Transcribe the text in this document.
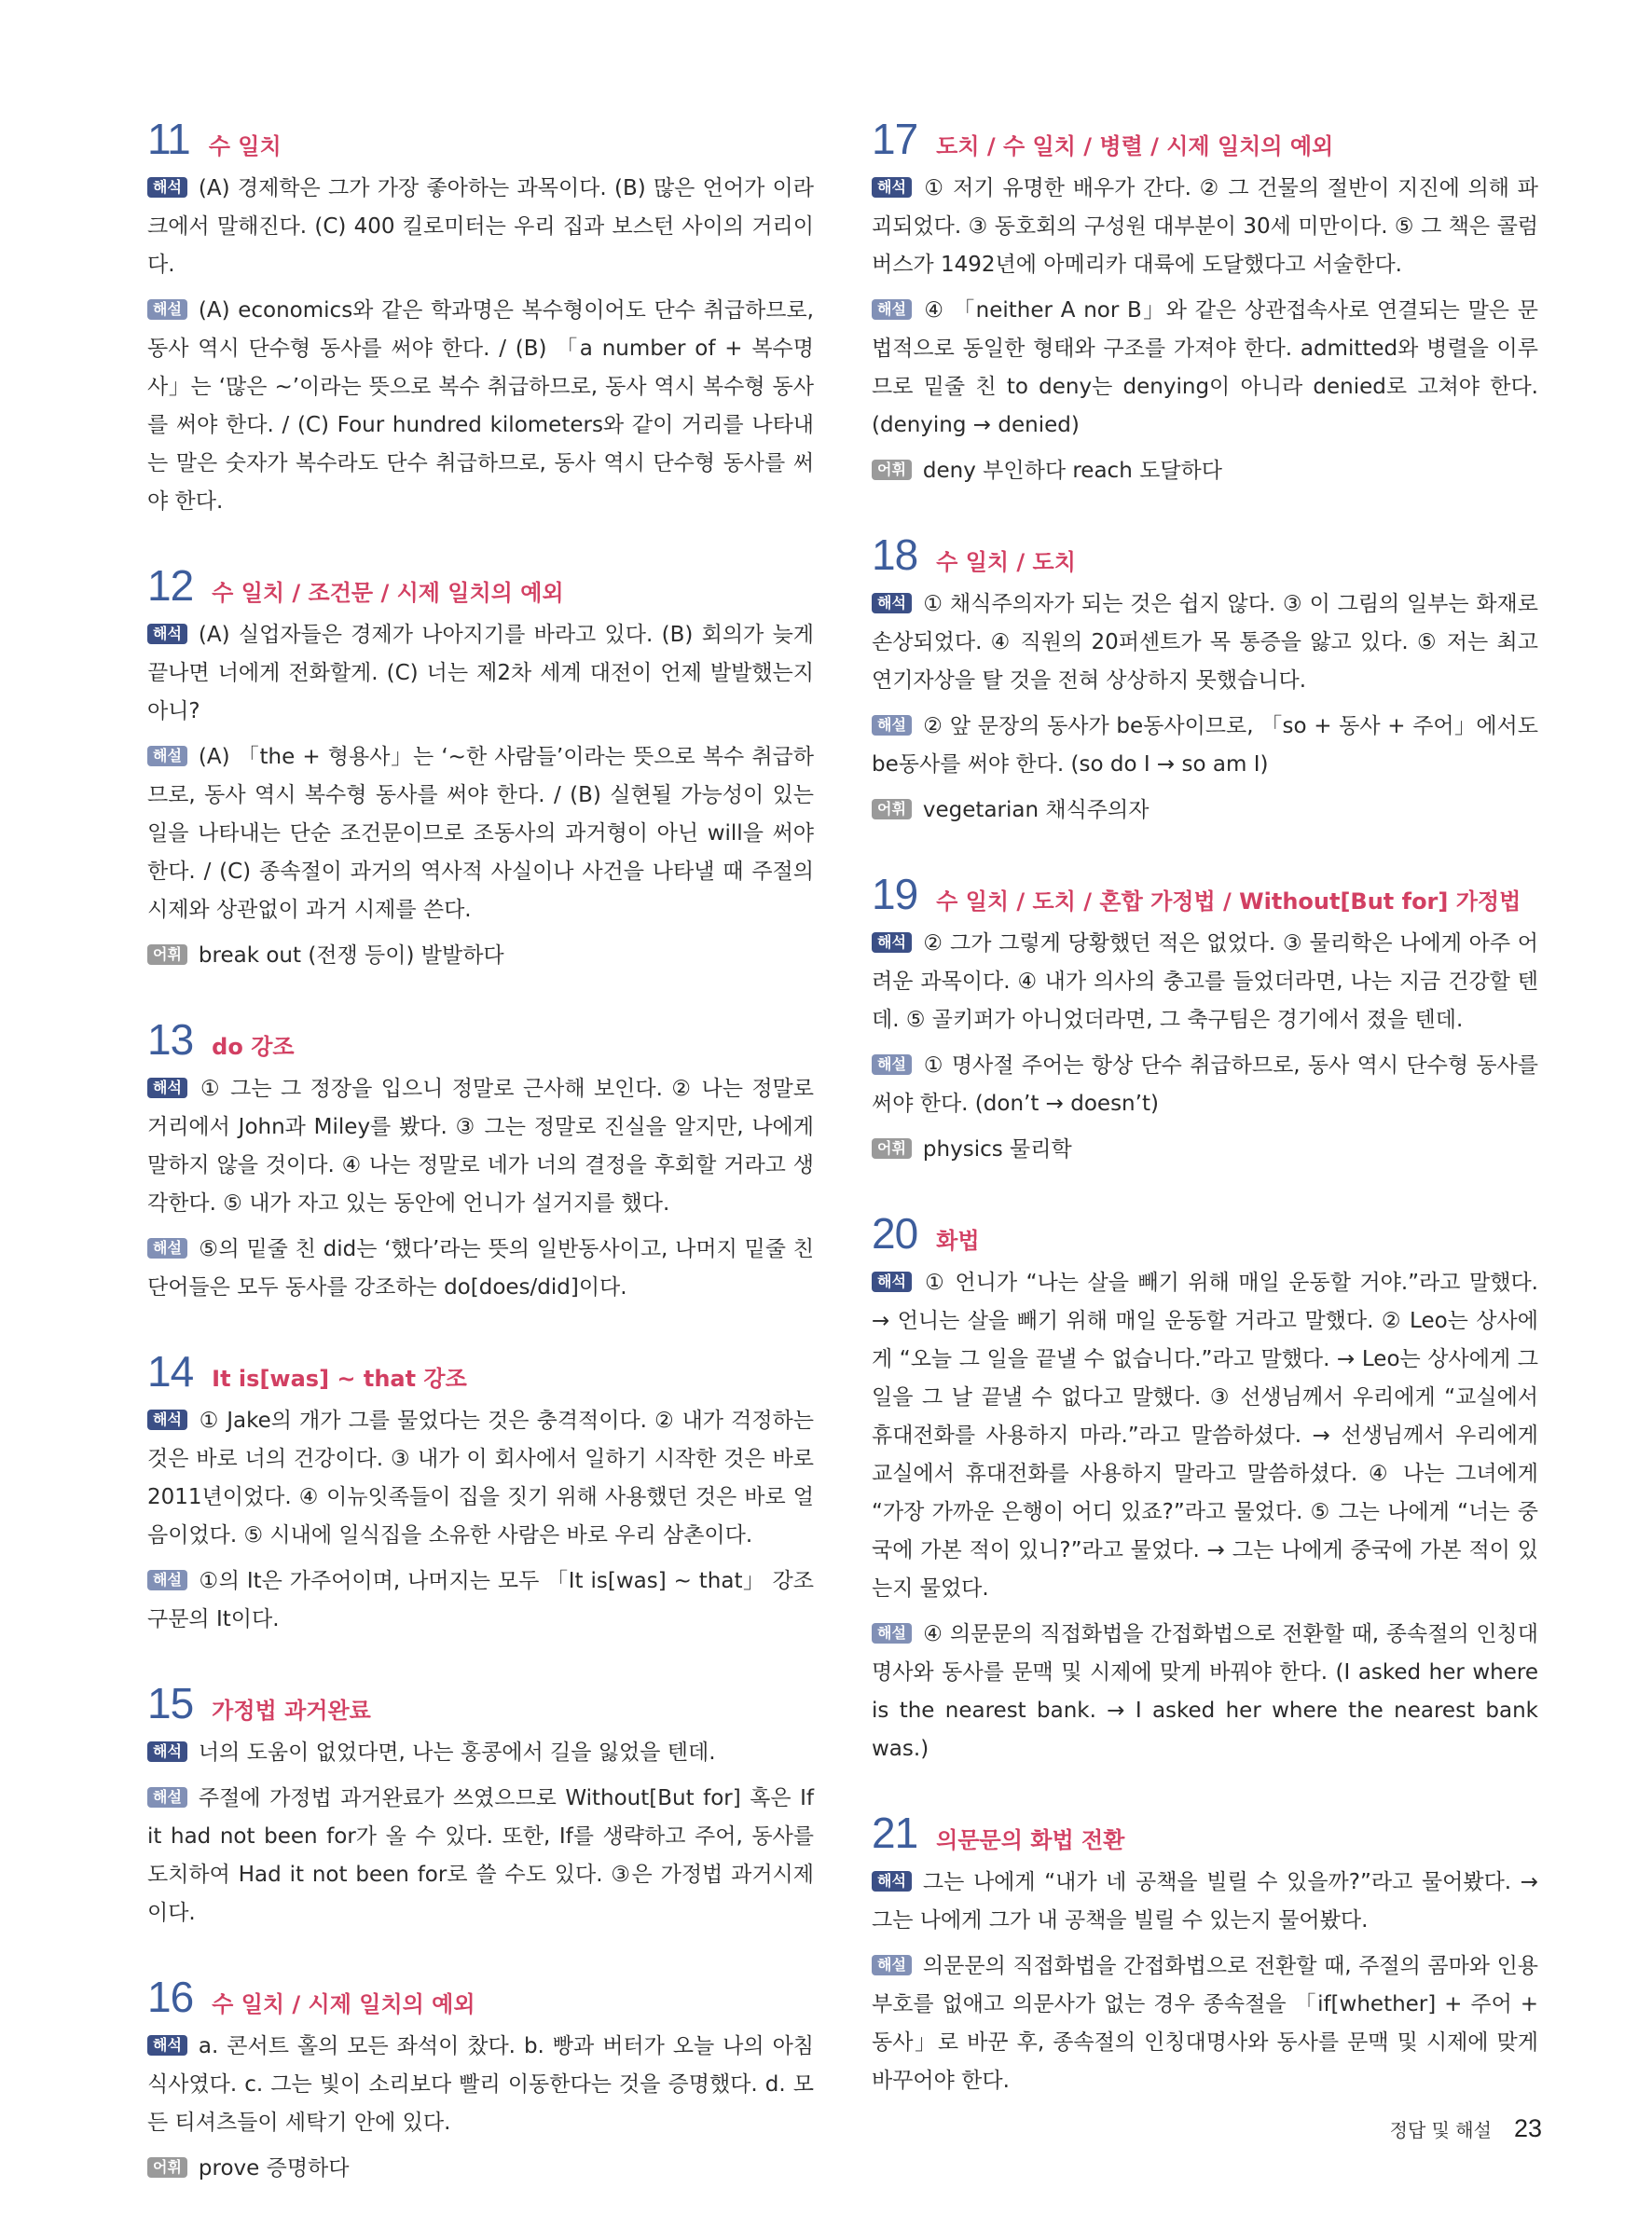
11 수 일치

해석 (A) 경제학은 그가 가장 좋아하는 과목이다. (B) 많은 언어가 이라크에서 말해진다. (C) 400 킬로미터는 우리 집과 보스턴 사이의 거리이다.

해설 (A) economics와 같은 학과명은 복수형이어도 단수 취급하므로, 동사 역시 단수형 동사를 써야 한다. / (B) 「a number of + 복수명사」는 ‘많은 ~’이라는 뜻으로 복수 취급하므로, 동사 역시 복수형 동사를 써야 한다. / (C) Four hundred kilometers와 같이 거리를 나타내는 말은 숫자가 복수라도 단수 취급하므로, 동사 역시 단수형 동사를 써야 한다.

12 수 일치 / 조건문 / 시제 일치의 예외

해석 (A) 실업자들은 경제가 나아지기를 바라고 있다. (B) 회의가 늦게 끝나면 너에게 전화할게. (C) 너는 제2차 세계 대전이 언제 발발했는지 아니?

해설 (A) 「the + 형용사」는 ‘~한 사람들’이라는 뜻으로 복수 취급하므로, 동사 역시 복수형 동사를 써야 한다. / (B) 실현될 가능성이 있는 일을 나타내는 단순 조건문이므로 조동사의 과거형이 아닌 will을 써야 한다. / (C) 종속절이 과거의 역사적 사실이나 사건을 나타낼 때 주절의 시제와 상관없이 과거 시제를 쓴다.

어휘 break out (전쟁 등이) 발발하다

13 do 강조

해석 ① 그는 그 정장을 입으니 정말로 근사해 보인다. ② 나는 정말로 거리에서 John과 Miley를 봤다. ③ 그는 정말로 진실을 알지만, 나에게 말하지 않을 것이다. ④ 나는 정말로 네가 너의 결정을 후회할 거라고 생각한다. ⑤ 내가 자고 있는 동안에 언니가 설거지를 했다.

해설 ⑤의 밑줄 친 did는 ‘했다’라는 뜻의 일반동사이고, 나머지 밑줄 친 단어들은 모두 동사를 강조하는 do[does/did]이다.

14 It is[was] ~ that 강조

해석 ① Jake의 개가 그를 물었다는 것은 충격적이다. ② 내가 걱정하는 것은 바로 너의 건강이다. ③ 내가 이 회사에서 일하기 시작한 것은 바로 2011년이었다. ④ 이뉴잇족들이 집을 짓기 위해 사용했던 것은 바로 얼음이었다. ⑤ 시내에 일식집을 소유한 사람은 바로 우리 삼촌이다.

해설 ①의 It은 가주어이며, 나머지는 모두 「It is[was] ~ that」 강조 구문의 It이다.

15 가정법 과거완료

해석 너의 도움이 없었다면, 나는 홍콩에서 길을 잃었을 텐데.

해설 주절에 가정법 과거완료가 쓰였으므로 Without[But for] 혹은 If it had not been for가 올 수 있다. 또한, If를 생략하고 주어, 동사를 도치하여 Had it not been for로 쓸 수도 있다. ③은 가정법 과거시제이다.

16 수 일치 / 시제 일치의 예외

해석 a. 콘서트 홀의 모든 좌석이 찼다. b. 빵과 버터가 오늘 나의 아침식사였다. c. 그는 빛이 소리보다 빨리 이동한다는 것을 증명했다. d. 모든 티셔츠들이 세탁기 안에 있다.

어휘 prove 증명하다

17 도치 / 수 일치 / 병렬 / 시제 일치의 예외

해석 ① 저기 유명한 배우가 간다. ② 그 건물의 절반이 지진에 의해 파괴되었다. ③ 동호회의 구성원 대부분이 30세 미만이다. ⑤ 그 책은 콜럼버스가 1492년에 아메리카 대륙에 도달했다고 서술한다.

해설 ④ 「neither A nor B」와 같은 상관접속사로 연결되는 말은 문법적으로 동일한 형태와 구조를 가져야 한다. admitted와 병렬을 이루므로 밑줄 친 to deny는 denying이 아니라 denied로 고쳐야 한다. (denying → denied)

어휘 deny 부인하다 reach 도달하다

18 수 일치 / 도치

해석 ① 채식주의자가 되는 것은 쉽지 않다. ③ 이 그림의 일부는 화재로 손상되었다. ④ 직원의 20퍼센트가 목 통증을 앓고 있다. ⑤ 저는 최고 연기자상을 탈 것을 전혀 상상하지 못했습니다.

해설 ② 앞 문장의 동사가 be동사이므로, 「so + 동사 + 주어」에서도 be동사를 써야 한다. (so do I → so am I)

어휘 vegetarian 채식주의자

19 수 일치 / 도치 / 혼합 가정법 / Without[But for] 가정법

해석 ② 그가 그렇게 당황했던 적은 없었다. ③ 물리학은 나에게 아주 어려운 과목이다. ④ 내가 의사의 충고를 들었더라면, 나는 지금 건강할 텐데. ⑤ 골키퍼가 아니었더라면, 그 축구팀은 경기에서 졌을 텐데.

해설 ① 명사절 주어는 항상 단수 취급하므로, 동사 역시 단수형 동사를 써야 한다. (don’t → doesn’t)

어휘 physics 물리학

20 화법

해석 ① 언니가 “나는 살을 빼기 위해 매일 운동할 거야.”라고 말했다. → 언니는 살을 빼기 위해 매일 운동할 거라고 말했다. ② Leo는 상사에게 “오늘 그 일을 끝낼 수 없습니다.”라고 말했다. → Leo는 상사에게 그 일을 그 날 끝낼 수 없다고 말했다. ③ 선생님께서 우리에게 “교실에서 휴대전화를 사용하지 마라.”라고 말씀하셨다. → 선생님께서 우리에게 교실에서 휴대전화를 사용하지 말라고 말씀하셨다. ④ 나는 그녀에게 “가장 가까운 은행이 어디 있죠?”라고 물었다. ⑤ 그는 나에게 “너는 중국에 가본 적이 있니?”라고 물었다. → 그는 나에게 중국에 가본 적이 있는지 물었다.

해설 ④ 의문문의 직접화법을 간접화법으로 전환할 때, 종속절의 인칭대명사와 동사를 문맥 및 시제에 맞게 바꿔야 한다. (I asked her where is the nearest bank. → I asked her where the nearest bank was.)

21 의문문의 화법 전환

해석 그는 나에게 “내가 네 공책을 빌릴 수 있을까?”라고 물어봤다. → 그는 나에게 그가 내 공책을 빌릴 수 있는지 물어봤다.

해설 의문문의 직접화법을 간접화법으로 전환할 때, 주절의 콤마와 인용 부호를 없애고 의문사가 없는 경우 종속절을 「if[whether] + 주어 + 동사」로 바꾼 후, 종속절의 인칭대명사와 동사를 문맥 및 시제에 맞게 바꾸어야 한다.

정답 및 해설 23
